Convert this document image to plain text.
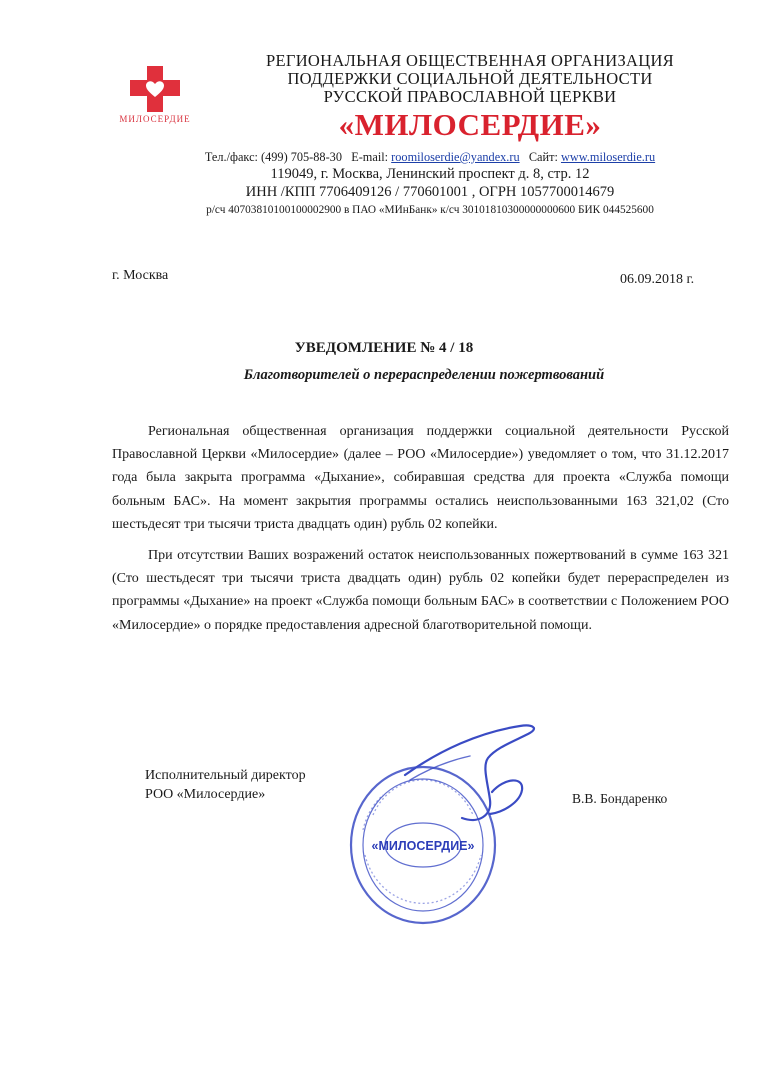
МИЛОСЕРДИЕ
РЕГИОНАЛЬНАЯ ОБЩЕСТВЕННАЯ ОРГАНИЗАЦИЯ
ПОДДЕРЖКИ СОЦИАЛЬНОЙ ДЕЯТЕЛЬНОСТИ
РУССКОЙ ПРАВОСЛАВНОЙ ЦЕРКВИ
«МИЛОСЕРДИЕ»
Тел./факс: (499) 705-88-30 E-mail: roomiloserdie@yandex.ru Сайт: www.miloserdie.ru
119049, г. Москва, Ленинский проспект д. 8, стр. 12
ИНН /КПП 7706409126 / 770601001 , ОГРН 1057700014679
р/сч 40703810100100002900 в ПАО «МИнБанк» к/сч 30101810300000000600 БИК 044525600
г. Москва	06.09.2018 г.
УВЕДОМЛЕНИЕ № 4 / 18
Благотворителей о перераспределении пожертвований

Региональная общественная организация поддержки социальной деятельности Русской Православной Церкви «Милосердие» (далее – РОО «Милосердие») уведомляет о том, что 31.12.2017 года была закрыта программа «Дыхание», собиравшая средства для проекта «Служба помощи больным БАС». На момент закрытия программы остались неиспользованными 163 321,02 (Сто шестьдесят три тысячи триста двадцать один) рубль 02 копейки.

При отсутствии Ваших возражений остаток неиспользованных пожертвований в сумме 163 321 (Сто шестьдесят три тысячи триста двадцать один) рубль 02 копейки будет перераспределен из программы «Дыхание» на проект «Служба помощи больным БАС» в соответствии с Положением РОО «Милосердие» о порядке предоставления адресной благотворительной помощи.

Исполнительный директор
РОО «Милосердие»	В.В. Бондаренко
«МИЛОСЕРДИЕ»
